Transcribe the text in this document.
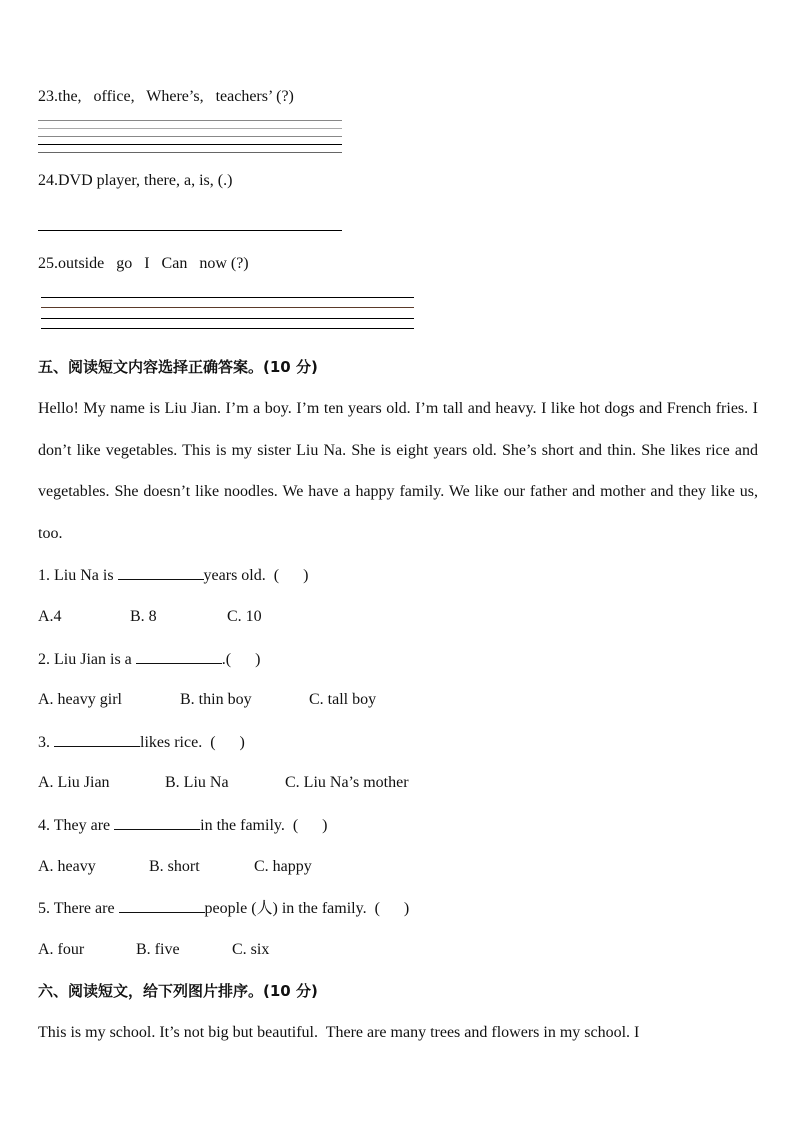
23.the,   office,   Where’s,   teachers’ (?)
24.DVD player, there, a, is, (.)
25.outside   go   I   Can   now (?)
五、阅读短文内容选择正确答案。(10 分)
Hello! My name is Liu Jian. I’m a boy. I’m ten years old. I’m tall and heavy. I like hot dogs and French fries. I don’t like vegetables. This is my sister Liu Na. She is eight years old. She’s short and thin. She likes rice and vegetables. She doesn’t like noodles. We have a happy family. We like our father and mother and they like us, too.
1. Liu Na is	years old.  (      )
A.4	B. 8	C. 10
2. Liu Jian is a	.(      )
A. heavy girl	B. thin boy	C. tall boy
3.	likes rice.  (      )
A. Liu Jian	B. Liu Na	C. Liu Na’s mother
4. They are	in the family.  (      )
A. heavy	B. short	C. happy
5. There are	people (人) in the family.  (      )
A. four	B. five	C. six
六、阅读短文，给下列图片排序。(10 分)
This is my school. It’s not big but beautiful.  There are many trees and flowers in my school. I
